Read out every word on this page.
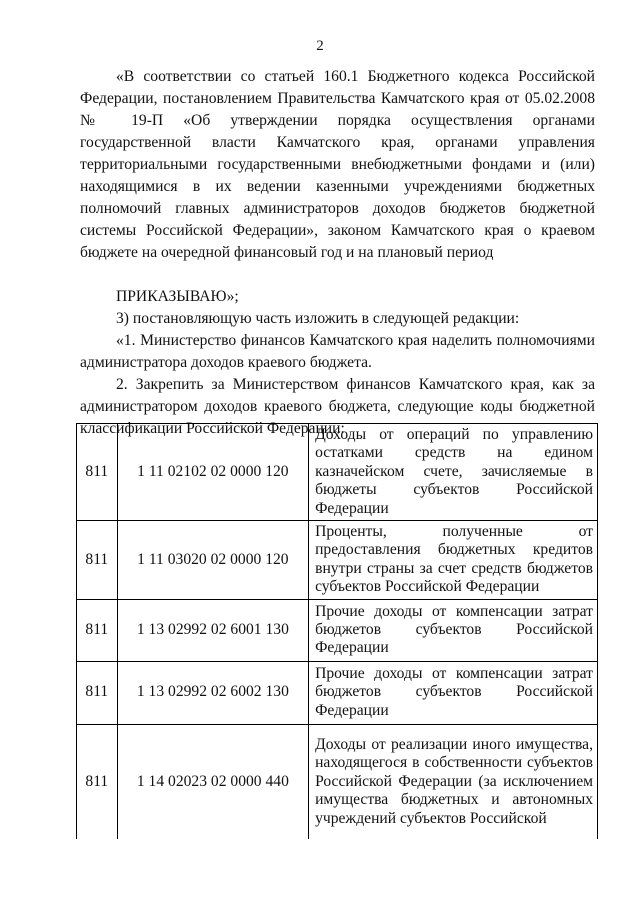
2

«В соответствии со статьей 160.1 Бюджетного кодекса Российской Федерации, постановлением Правительства Камчатского края от 05.02.2008 № 19-П «Об утверждении порядка осуществления органами государственной власти Камчатского края, органами управления территориальными государственными внебюджетными фондами и (или) находящимися в их ведении казенными учреждениями бюджетных полномочий главных администраторов доходов бюджетов бюджетной системы Российской Федерации», законом Камчатского края о краевом бюджете на очередной финансовый год и на плановый период

ПРИКАЗЫВАЮ»;

3) постановляющую часть изложить в следующей редакции:

«1. Министерство финансов Камчатского края наделить полномочиями администратора доходов краевого бюджета.

2. Закрепить за Министерством финансов Камчатского края, как за администратором доходов краевого бюджета, следующие коды бюджетной классификации Российской Федерации:

811	1 11 02102 02 0000 120	Доходы от операций по управлению остатками средств на едином казначейском счете, зачисляемые в бюджеты субъектов Российской Федерации
811	1 11 03020 02 0000 120	Проценты, полученные от предоставления бюджетных кредитов внутри страны за счет средств бюджетов субъектов Российской Федерации
811	1 13 02992 02 6001 130	Прочие доходы от компенсации затрат бюджетов субъектов Российской Федерации
811	1 13 02992 02 6002 130	Прочие доходы от компенсации затрат бюджетов субъектов Российской Федерации
811	1 14 02023 02 0000 440	Доходы от реализации иного имущества, находящегося в собственности субъектов Российской Федерации (за исключением имущества бюджетных и автономных учреждений субъектов Российской
